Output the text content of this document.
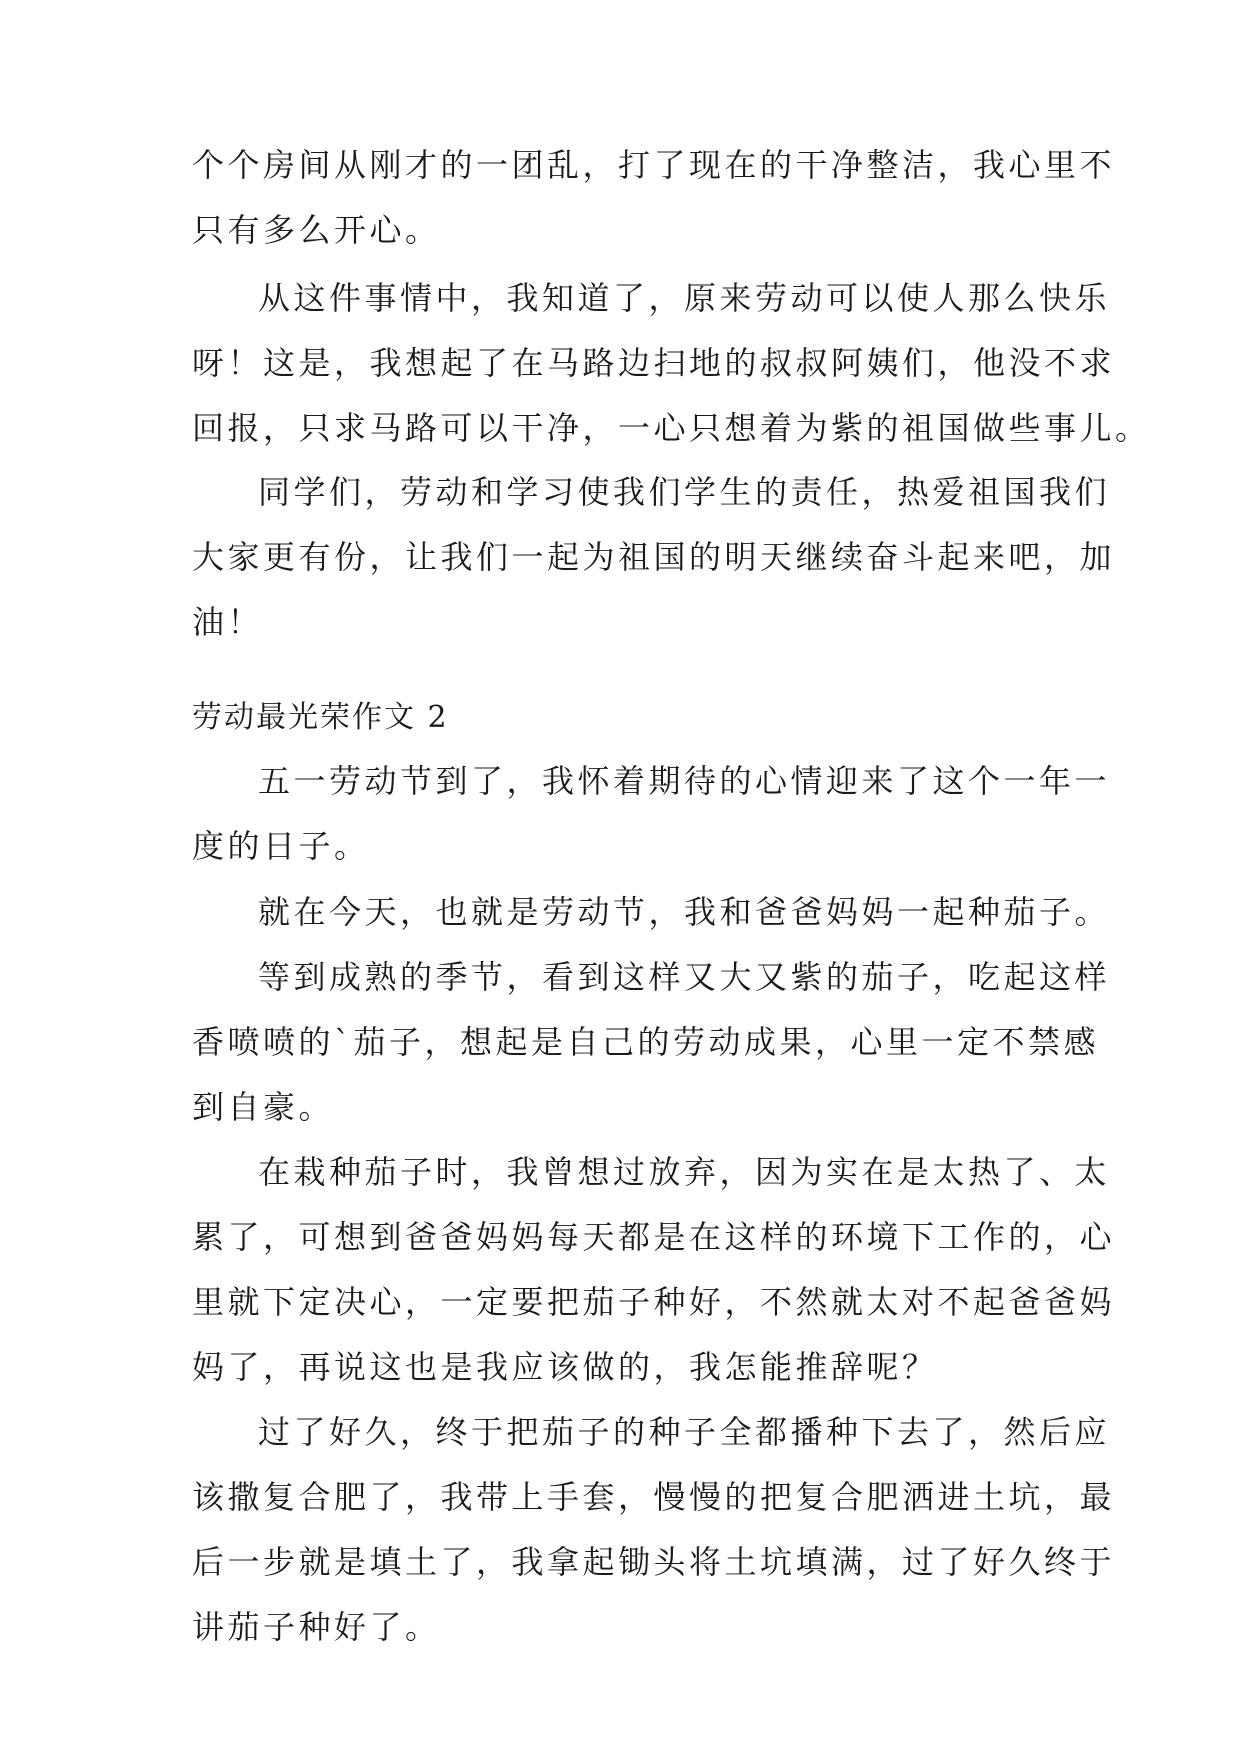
个个房间从刚才的一团乱，打了现在的干净整洁，我心里不
只有多么开心。
从这件事情中，我知道了，原来劳动可以使人那么快乐
呀！这是，我想起了在马路边扫地的叔叔阿姨们，他没不求
回报，只求马路可以干净，一心只想着为紫的祖国做些事儿。
同学们，劳动和学习使我们学生的责任，热爱祖国我们
大家更有份，让我们一起为祖国的明天继续奋斗起来吧，加
油！
劳动最光荣作文 2
五一劳动节到了，我怀着期待的心情迎来了这个一年一
度的日子。
就在今天，也就是劳动节，我和爸爸妈妈一起种茄子。
等到成熟的季节，看到这样又大又紫的茄子，吃起这样
香喷喷的`茄子，想起是自己的劳动成果，心里一定不禁感
到自豪。
在栽种茄子时，我曾想过放弃，因为实在是太热了、太
累了，可想到爸爸妈妈每天都是在这样的环境下工作的，心
里就下定决心，一定要把茄子种好，不然就太对不起爸爸妈
妈了，再说这也是我应该做的，我怎能推辞呢？
过了好久，终于把茄子的种子全都播种下去了，然后应
该撒复合肥了，我带上手套，慢慢的把复合肥洒进土坑，最
后一步就是填土了，我拿起锄头将土坑填满，过了好久终于
讲茄子种好了。
